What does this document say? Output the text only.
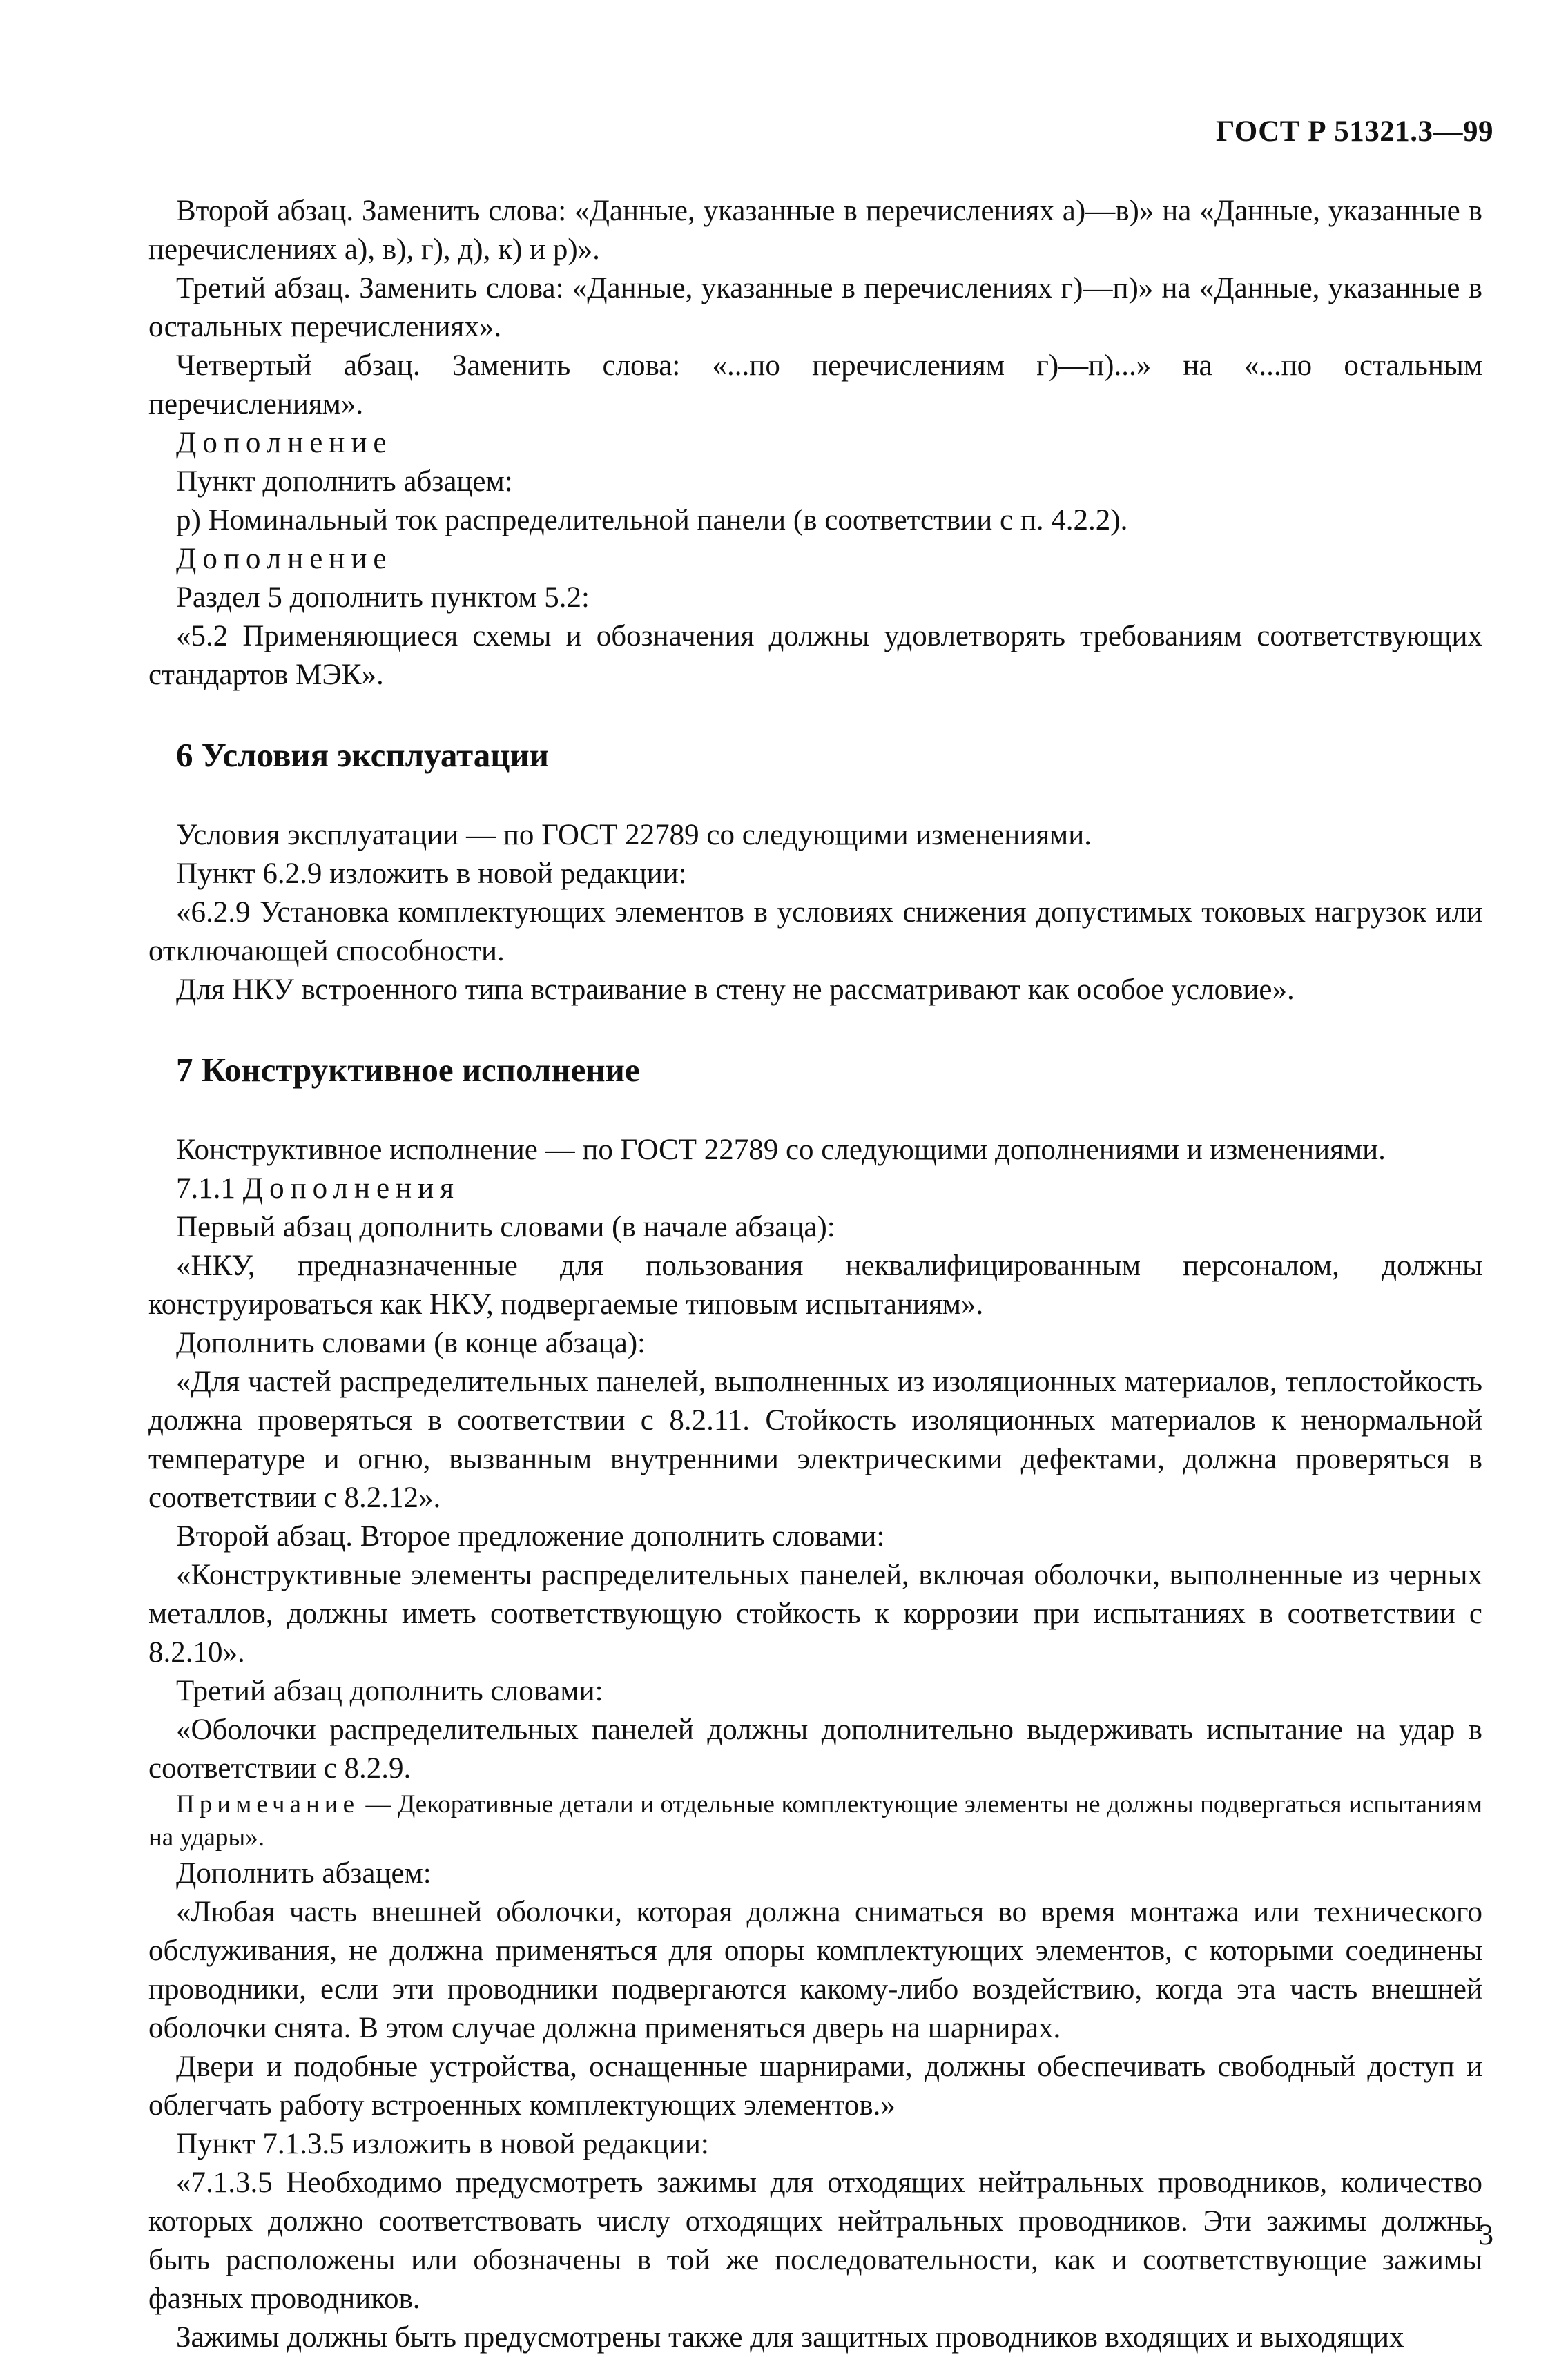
ГОСТ Р 51321.3—99

Второй абзац. Заменить слова: «Данные, указанные в перечислениях а)—в)» на «Данные, указанные в перечислениях а), в), г), д), к) и р)».

Третий абзац. Заменить слова: «Данные, указанные в перечислениях г)—п)» на «Данные, указанные в остальных перечислениях».

Четвертый абзац. Заменить слова: «...по перечислениям г)—п)...» на «...по остальным перечислениям».

Дополнение

Пункт дополнить абзацем:

р) Номинальный ток распределительной панели (в соответствии с п. 4.2.2).

Дополнение

Раздел 5 дополнить пунктом 5.2:

«5.2 Применяющиеся схемы и обозначения должны удовлетворять требованиям соответствующих стандартов МЭК».

6 Условия эксплуатации

Условия эксплуатации — по ГОСТ 22789 со следующими изменениями.

Пункт 6.2.9 изложить в новой редакции:

«6.2.9 Установка комплектующих элементов в условиях снижения допустимых токовых нагрузок или отключающей способности.

Для НКУ встроенного типа встраивание в стену не рассматривают как особое условие».

7 Конструктивное исполнение

Конструктивное исполнение — по ГОСТ 22789 со следующими дополнениями и изменениями.

7.1.1 Дополнения

Первый абзац дополнить словами (в начале абзаца):

«НКУ, предназначенные для пользования неквалифицированным персоналом, должны конструироваться как НКУ, подвергаемые типовым испытаниям».

Дополнить словами (в конце абзаца):

«Для частей распределительных панелей, выполненных из изоляционных материалов, теплостойкость должна проверяться в соответствии с 8.2.11. Стойкость изоляционных материалов к ненормальной температуре и огню, вызванным внутренними электрическими дефектами, должна проверяться в соответствии с 8.2.12».

Второй абзац. Второе предложение дополнить словами:

«Конструктивные элементы распределительных панелей, включая оболочки, выполненные из черных металлов, должны иметь соответствующую стойкость к коррозии при испытаниях в соответствии с 8.2.10».

Третий абзац дополнить словами:

«Оболочки распределительных панелей должны дополнительно выдерживать испытание на удар в соответствии с 8.2.9.

Примечание — Декоративные детали и отдельные комплектующие элементы не должны подвергаться испытаниям на удары».

Дополнить абзацем:

«Любая часть внешней оболочки, которая должна сниматься во время монтажа или технического обслуживания, не должна применяться для опоры комплектующих элементов, с которыми соединены проводники, если эти проводники подвергаются какому-либо воздействию, когда эта часть внешней оболочки снята. В этом случае должна применяться дверь на шарнирах.

Двери и подобные устройства, оснащенные шарнирами, должны обеспечивать свободный доступ и облегчать работу встроенных комплектующих элементов.»

Пункт 7.1.3.5 изложить в новой редакции:

«7.1.3.5 Необходимо предусмотреть зажимы для отходящих нейтральных проводников, количество которых должно соответствовать числу отходящих нейтральных проводников. Эти зажимы должны быть расположены или обозначены в той же последовательности, как и соответствующие зажимы фазных проводников.

Зажимы должны быть предусмотрены также для защитных проводников входящих и выходящих

3
